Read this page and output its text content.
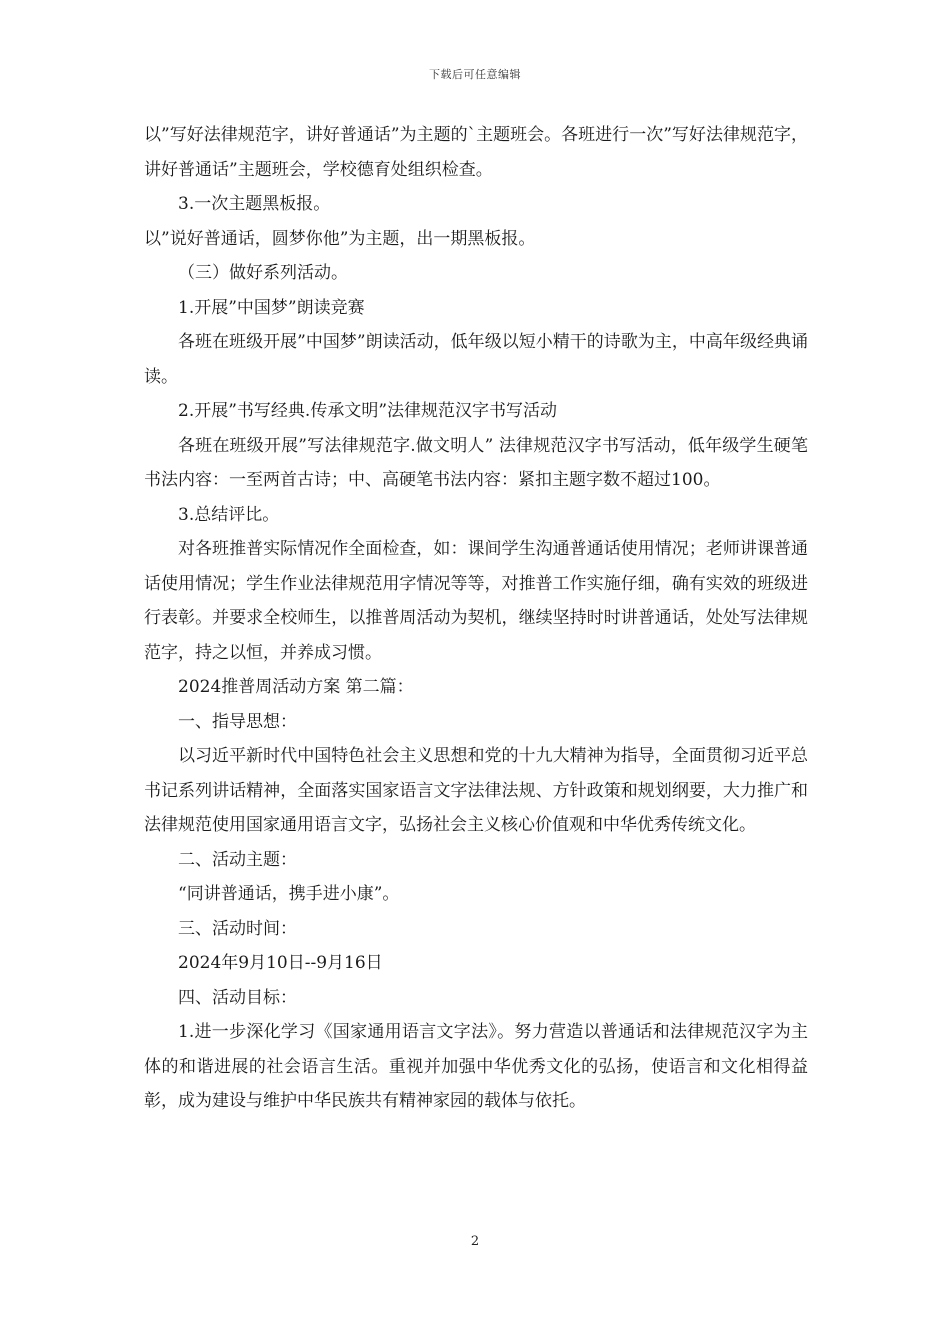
下载后可任意编辑

以”写好法律规范字，讲好普通话”为主题的`主题班会。各班进行一次”写好法律规范字，讲好普通话”主题班会，学校德育处组织检查。

3.一次主题黑板报。

以”说好普通话，圆梦你他”为主题，出一期黑板报。

（三）做好系列活动。

1.开展”中国梦”朗读竞赛

各班在班级开展”中国梦”朗读活动，低年级以短小精干的诗歌为主，中高年级经典诵读。

2.开展”书写经典.传承文明”法律规范汉字书写活动

各班在班级开展”写法律规范字.做文明人” 法律规范汉字书写活动，低年级学生硬笔书法内容：一至两首古诗；中、高硬笔书法内容：紧扣主题字数不超过100。

3.总结评比。

对各班推普实际情况作全面检查，如：课间学生沟通普通话使用情况；老师讲课普通话使用情况；学生作业法律规范用字情况等等，对推普工作实施仔细，确有实效的班级进行表彰。并要求全校师生，以推普周活动为契机，继续坚持时时讲普通话，处处写法律规范字，持之以恒，并养成习惯。

2024推普周活动方案 第二篇：

一、指导思想：

以习近平新时代中国特色社会主义思想和党的十九大精神为指导，全面贯彻习近平总书记系列讲话精神，全面落实国家语言文字法律法规、方针政策和规划纲要，大力推广和法律规范使用国家通用语言文字，弘扬社会主义核心价值观和中华优秀传统文化。

二、活动主题：

“同讲普通话，携手进小康”。

三、活动时间：

2024年9月10日--9月16日

四、活动目标：

1.进一步深化学习《国家通用语言文字法》。努力营造以普通话和法律规范汉字为主体的和谐进展的社会语言生活。重视并加强中华优秀文化的弘扬，使语言和文化相得益彰，成为建设与维护中华民族共有精神家园的载体与依托。

2
